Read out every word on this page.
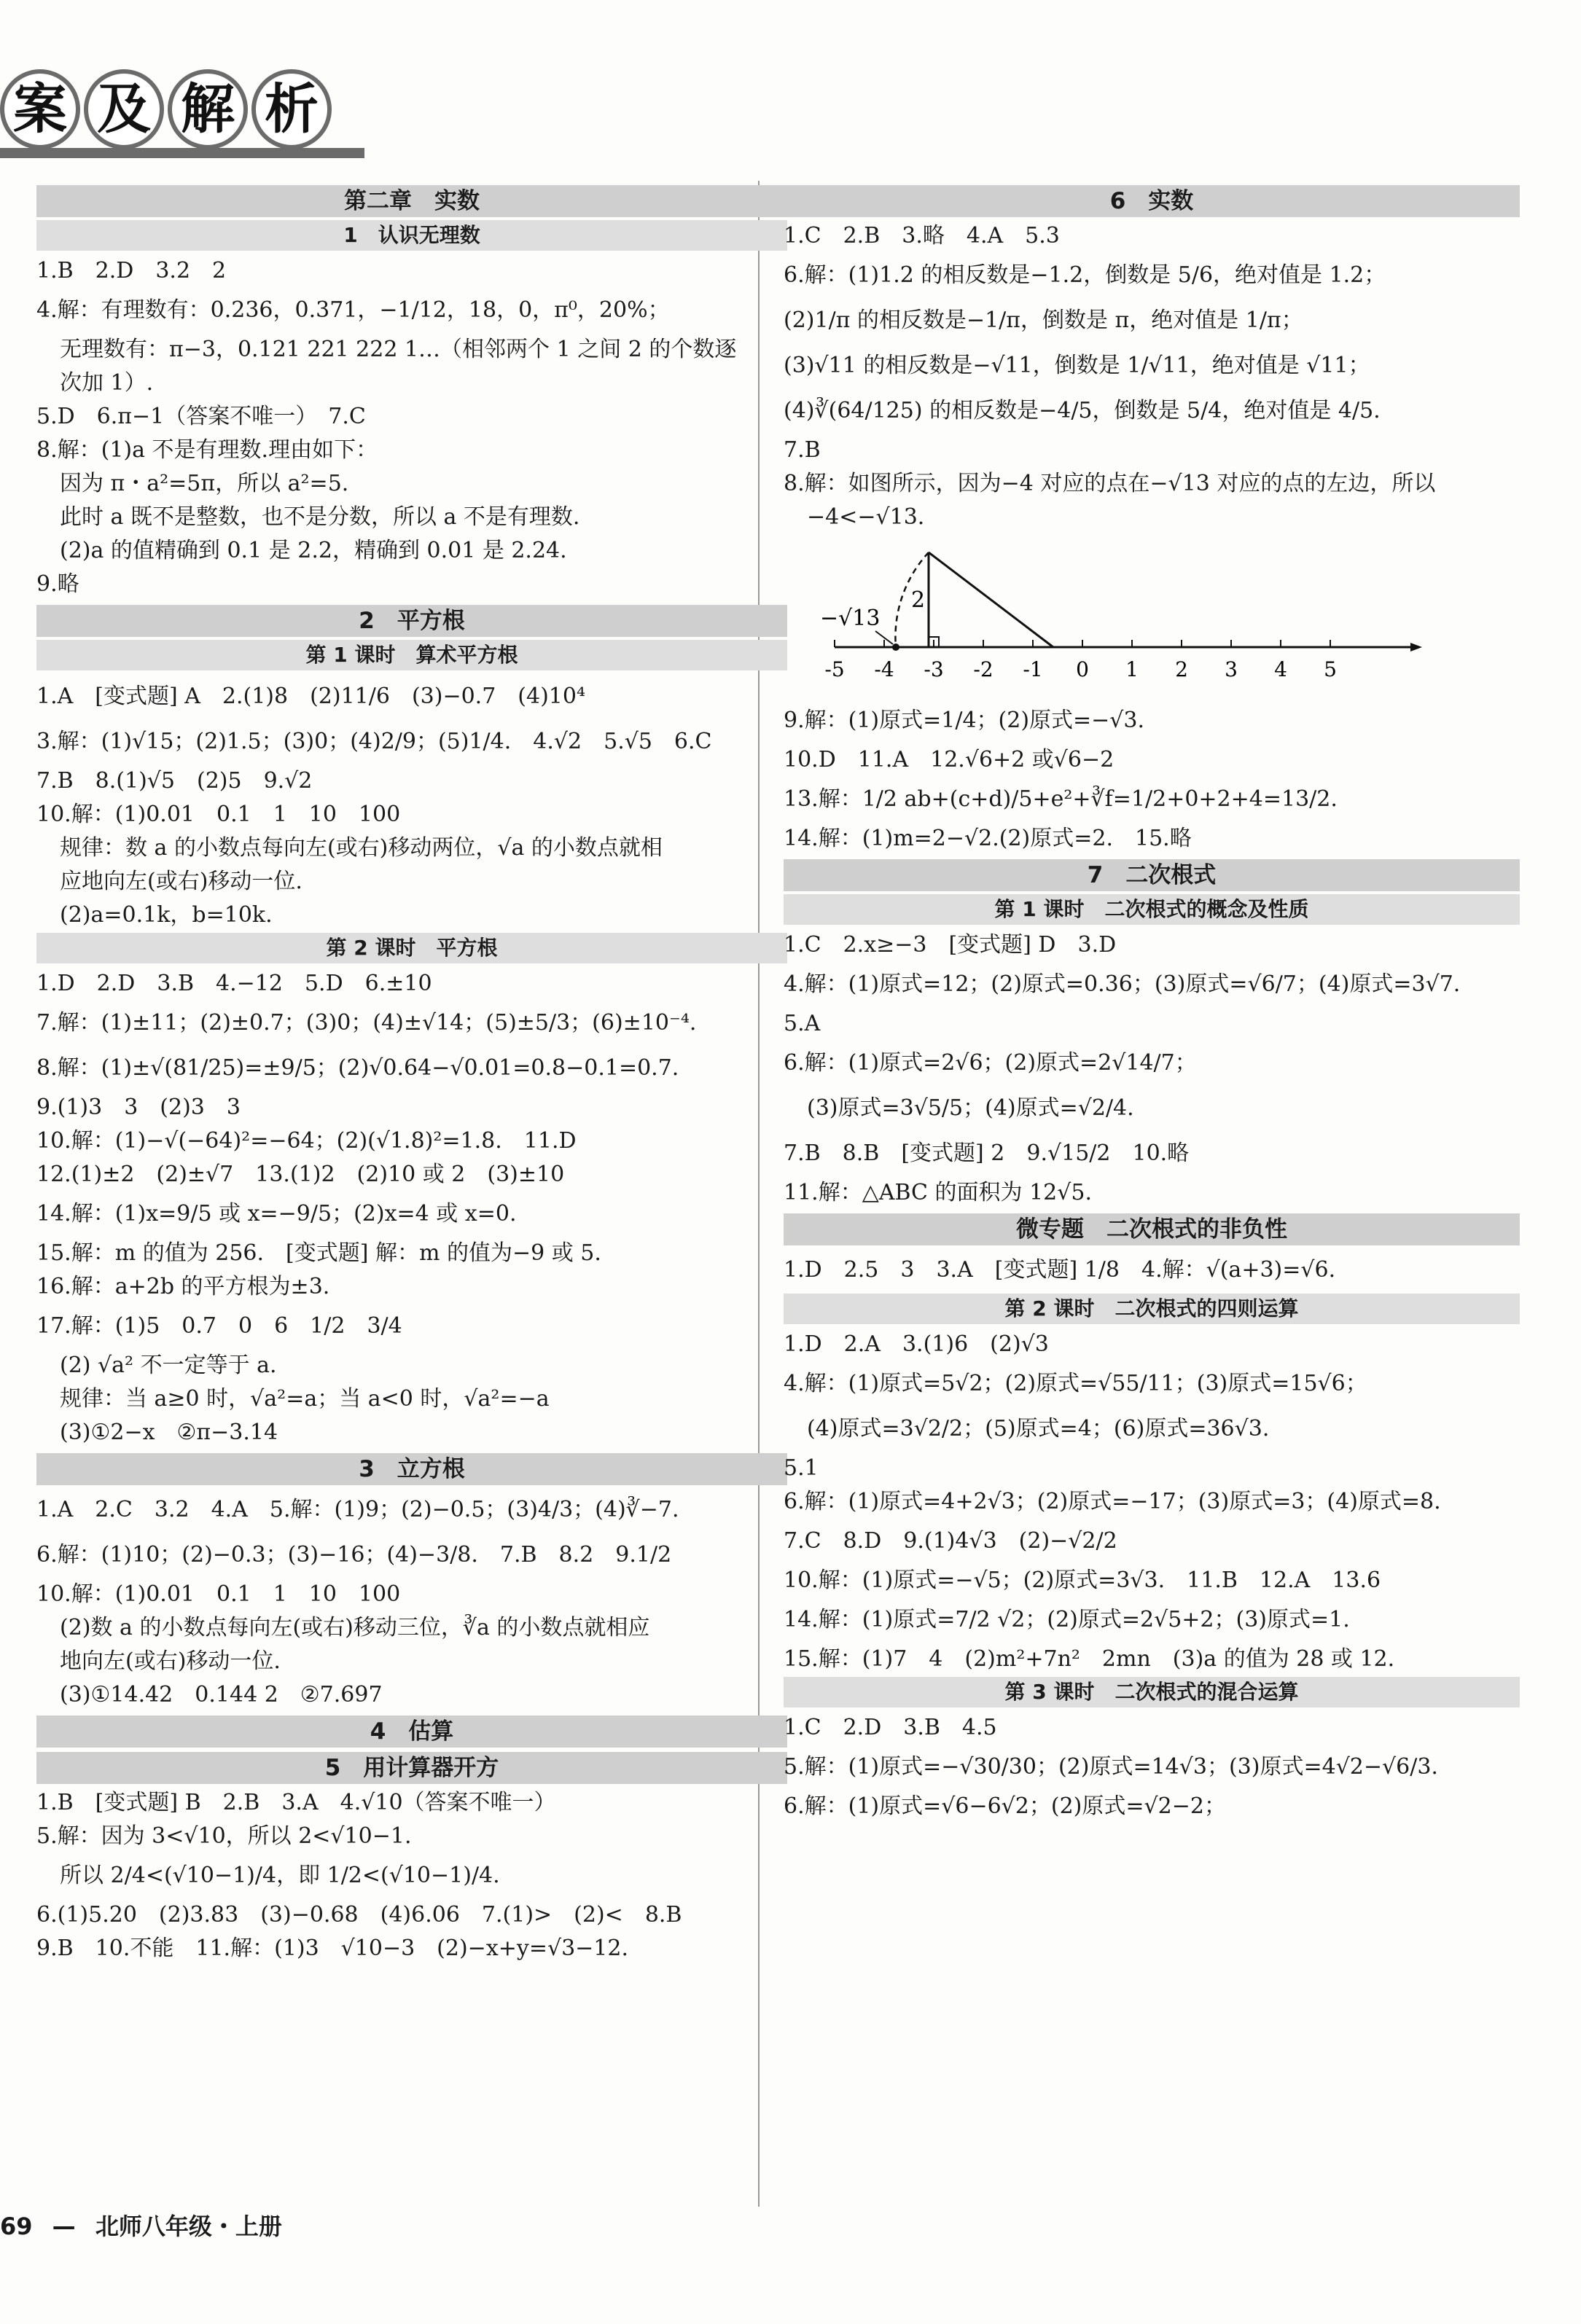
案 及 解 析
第二章　实数
1　认识无理数
1.B　2.D　3.2　2
4.解：有理数有：0.236，0.371，−1/12，18，0，π⁰，20%；
无理数有：π−3，0.121 221 222 1…（相邻两个 1 之间 2 的个数逐
次加 1）.
5.D　6.π−1（答案不唯一）　7.C
8.解：(1)a 不是有理数.理由如下：
因为 π・a²=5π，所以 a²=5.
此时 a 既不是整数，也不是分数，所以 a 不是有理数.
(2)a 的值精确到 0.1 是 2.2，精确到 0.01 是 2.24.
9.略
2　平方根
第 1 课时　算术平方根
1.A　[变式题] A　2.(1)8　(2)11/6　(3)−0.7　(4)10⁴
3.解：(1)√15；(2)1.5；(3)0；(4)2/9；(5)1/4.　4.√2　5.√5　6.C
7.B　8.(1)√5　(2)5　9.√2
10.解：(1)0.01　0.1　1　10　100
规律：数 a 的小数点每向左(或右)移动两位，√a 的小数点就相
应地向左(或右)移动一位.
(2)a=0.1k，b=10k.
第 2 课时　平方根
1.D　2.D　3.B　4.−12　5.D　6.±10
7.解：(1)±11；(2)±0.7；(3)0；(4)±√14；(5)±5/3；(6)±10⁻⁴.
8.解：(1)±√(81/25)=±9/5；(2)√0.64−√0.01=0.8−0.1=0.7.
9.(1)3　3　(2)3　3
10.解：(1)−√(−64)²=−64；(2)(√1.8)²=1.8.　11.D
12.(1)±2　(2)±√7　13.(1)2　(2)10 或 2　(3)±10
14.解：(1)x=9/5 或 x=−9/5；(2)x=4 或 x=0.
15.解：m 的值为 256.　[变式题] 解：m 的值为−9 或 5.
16.解：a+2b 的平方根为±3.
17.解：(1)5　0.7　0　6　1/2　3/4
(2) √a² 不一定等于 a.
规律：当 a≥0 时，√a²=a；当 a<0 时，√a²=−a
(3)①2−x　②π−3.14
3　立方根
1.A　2.C　3.2　4.A　5.解：(1)9；(2)−0.5；(3)4/3；(4)∛−7.
6.解：(1)10；(2)−0.3；(3)−16；(4)−3/8.　7.B　8.2　9.1/2
10.解：(1)0.01　0.1　1　10　100
(2)数 a 的小数点每向左(或右)移动三位，∛a 的小数点就相应
地向左(或右)移动一位.
(3)①14.42　0.144 2　②7.697
4　估算
5　用计算器开方
1.B　[变式题] B　2.B　3.A　4.√10（答案不唯一）
5.解：因为 3<√10，所以 2<√10−1.
所以 2/4<(√10−1)/4，即 1/2<(√10−1)/4.
6.(1)5.20　(2)3.83　(3)−0.68　(4)6.06　7.(1)>　(2)<　8.B
9.B　10.不能　11.解：(1)3　√10−3　(2)−x+y=√3−12.
6　实数
1.C　2.B　3.略　4.A　5.3
6.解：(1)1.2 的相反数是−1.2，倒数是 5/6，绝对值是 1.2；
(2)1/π 的相反数是−1/π，倒数是 π，绝对值是 1/π；
(3)√11 的相反数是−√11，倒数是 1/√11，绝对值是 √11；
(4)∛(64/125) 的相反数是−4/5，倒数是 5/4，绝对值是 4/5.
7.B
8.解：如图所示，因为−4 对应的点在−√13 对应的点的左边，所以
−4<−√13.
-5 -4 -3 -2 -1 0 1 2 3 4 5
−√13
2
9.解：(1)原式=1/4；(2)原式=−√3.
10.D　11.A　12.√6+2 或√6−2
13.解：1/2 ab+(c+d)/5+e²+∛f=1/2+0+2+4=13/2.
14.解：(1)m=2−√2.(2)原式=2.　15.略
7　二次根式
第 1 课时　二次根式的概念及性质
1.C　2.x≥−3　[变式题] D　3.D
4.解：(1)原式=12；(2)原式=0.36；(3)原式=√6/7；(4)原式=3√7.
5.A
6.解：(1)原式=2√6；(2)原式=2√14/7；
(3)原式=3√5/5；(4)原式=√2/4.
7.B　8.B　[变式题] 2　9.√15/2　10.略
11.解：△ABC 的面积为 12√5.
微专题　二次根式的非负性
1.D　2.5　3　3.A　[变式题] 1/8　4.解：√(a+3)=√6.
第 2 课时　二次根式的四则运算
1.D　2.A　3.(1)6　(2)√3
4.解：(1)原式=5√2；(2)原式=√55/11；(3)原式=15√6；
(4)原式=3√2/2；(5)原式=4；(6)原式=36√3.
5.1
6.解：(1)原式=4+2√3；(2)原式=−17；(3)原式=3；(4)原式=8.
7.C　8.D　9.(1)4√3　(2)−√2/2
10.解：(1)原式=−√5；(2)原式=3√3.　11.B　12.A　13.6
14.解：(1)原式=7/2 √2；(2)原式=2√5+2；(3)原式=1.
15.解：(1)7　4　(2)m²+7n²　2mn　(3)a 的值为 28 或 12.
第 3 课时　二次根式的混合运算
1.C　2.D　3.B　4.5
5.解：(1)原式=−√30/30；(2)原式=14√3；(3)原式=4√2−√6/3.
6.解：(1)原式=√6−6√2；(2)原式=√2−2；
69 — 北师八年级・上册
